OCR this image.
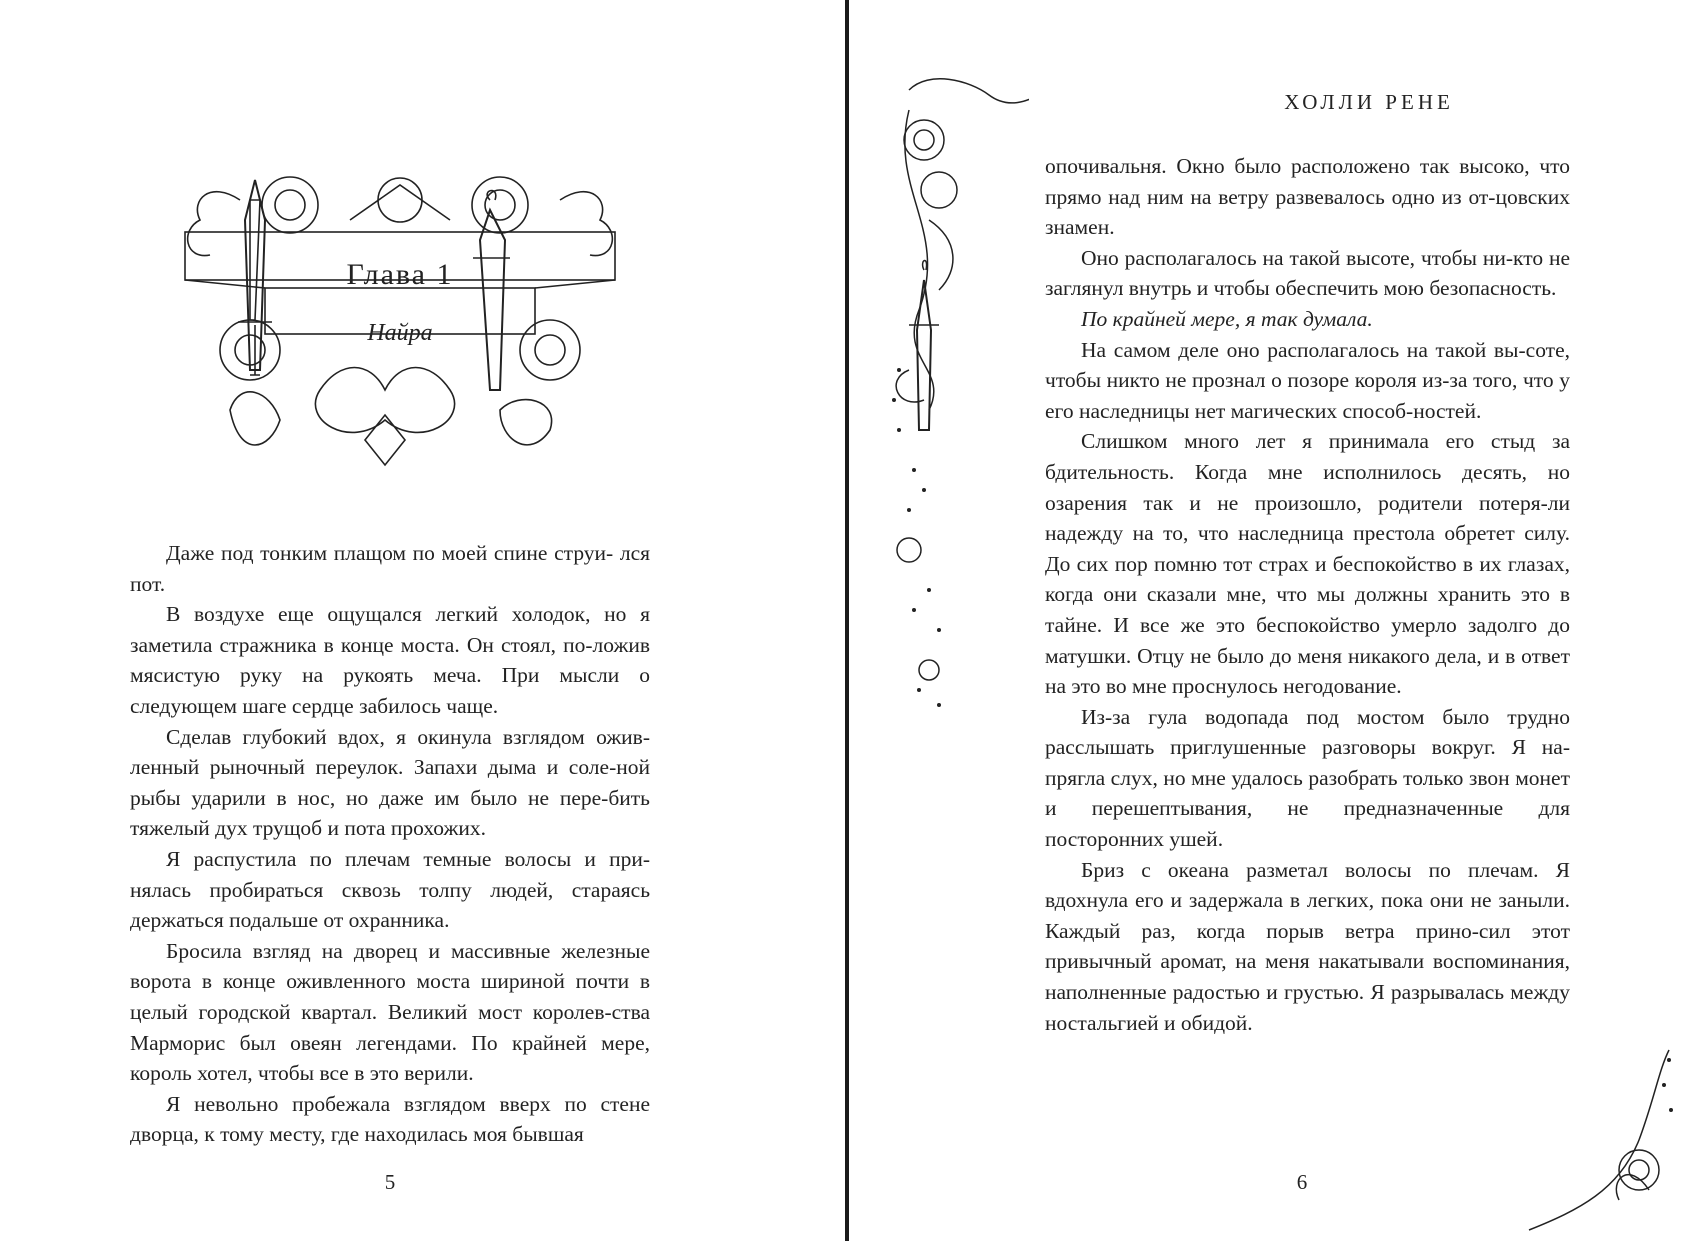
Глава 1
Найра

Даже под тонким плащом по моей спине струи- лся пот.

В воздухе еще ощущался легкий холодок, но я заметила стражника в конце моста. Он стоял, по-ложив мясистую руку на рукоять меча. При мысли о следующем шаге сердце забилось чаще.

Сделав глубокий вдох, я окинула взглядом ожив-ленный рыночный переулок. Запахи дыма и соле-ной рыбы ударили в нос, но даже им было не пере-бить тяжелый дух трущоб и пота прохожих.

Я распустила по плечам темные волосы и при-нялась пробираться сквозь толпу людей, стараясь держаться подальше от охранника.

Бросила взгляд на дворец и массивные железные ворота в конце оживленного моста шириной почти в целый городской квартал. Великий мост королев-ства Марморис был овеян легендами. По крайней мере, король хотел, чтобы все в это верили.

Я невольно пробежала взглядом вверх по стене дворца, к тому месту, где находилась моя бывшая

5
ХОЛЛИ РЕНЕ

опочивальня. Окно было расположено так высоко, что прямо над ним на ветру развевалось одно из от-цовских знамен.

Оно располагалось на такой высоте, чтобы ни-кто не заглянул внутрь и чтобы обеспечить мою безопасность.

По крайней мере, я так думала.

На самом деле оно располагалось на такой вы-соте, чтобы никто не прознал о позоре короля из-за того, что у его наследницы нет магических способ-ностей.

Слишком много лет я принимала его стыд за бдительность. Когда мне исполнилось десять, но озарения так и не произошло, родители потеря-ли надежду на то, что наследница престола обретет силу. До сих пор помню тот страх и беспокойство в их глазах, когда они сказали мне, что мы должны хранить это в тайне. И все же это беспокойство умерло задолго до матушки. Отцу не было до меня никакого дела, и в ответ на это во мне проснулось негодование.

Из-за гула водопада под мостом было трудно расслышать приглушенные разговоры вокруг. Я на-прягла слух, но мне удалось разобрать только звон монет и перешептывания, не предназначенные для посторонних ушей.

Бриз с океана разметал волосы по плечам. Я вдохнула его и задержала в легких, пока они не заныли. Каждый раз, когда порыв ветра прино-сил этот привычный аромат, на меня накатывали воспоминания, наполненные радостью и грустью. Я разрывалась между ностальгией и обидой.

6
